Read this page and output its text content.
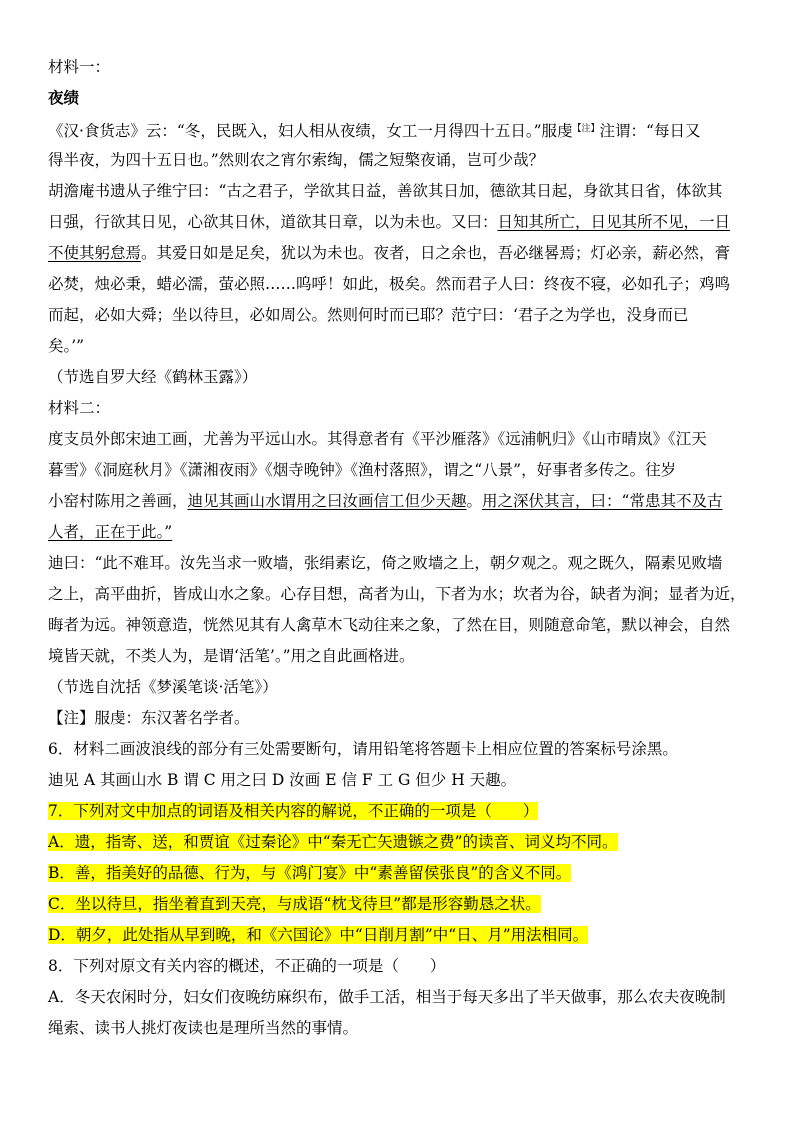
材料一：
夜绩
《汉·食货志》云：“冬，民既入，妇人相从夜绩，女工一月得四十五日。”服虔$^{【注】}$注谓：“每日又
得半夜，为四十五日也。”然则农之宵尔索绹，儒之短檠夜诵，岂可少哉？
胡澹庵书遗从子维宁曰：“古之君子，学欲其日益，善欲其日加，德欲其日起，身欲其日省，体欲其
日强，行欲其日见，心欲其日休，道欲其日章，以为未也。又曰：日知其所亡，日见其所不见，一日
不使其躬怠焉。其爱日如是足矣，犹以为未也。夜者，日之余也，吾必继晷焉；灯必亲，薪必然，膏
必焚，烛必秉，蜡必濡，萤必照……呜呼！如此，极矣。然而君子人曰：终夜不寝，必如孔子；鸡鸣
而起，必如大舜；坐以待旦，必如周公。然则何时而已耶？范宁曰：‘君子之为学也，没身而已
矣。’”
（节选自罗大经《鹤林玉露》）
材料二：
度支员外郎宋迪工画，尤善为平远山水。其得意者有《平沙雁落》《远浦帆归》《山市晴岚》《江天
暮雪》《洞庭秋月》《潇湘夜雨》《烟寺晚钟》《渔村落照》，谓之“八景”，好事者多传之。往岁
小窑村陈用之善画，迪见其画山水谓用之曰汝画信工但少天趣。用之深伏其言，曰：“常患其不及古
人者，正在于此。”
迪曰：“此不难耳。汝先当求一败墙，张绢素讫，倚之败墙之上，朝夕观之。观之既久，隔素见败墙
之上，高平曲折，皆成山水之象。心存目想，高者为山，下者为水；坎者为谷，缺者为涧；显者为近，
晦者为远。神领意造，恍然见其有人禽草木飞动往来之象，了然在目，则随意命笔，默以神会，自然
境皆天就，不类人为，是谓‘活笔’。”用之自此画格进。
（节选自沈括《梦溪笔谈·活笔》）
【注】服虔：东汉著名学者。
6．材料二画波浪线的部分有三处需要断句，请用铅笔将答题卡上相应位置的答案标号涂黑。
迪见 A 其画山水 B 谓 C 用之曰 D 汝画 E 信 F 工 G 但少 H 天趣。
7．下列对文中加点的词语及相关内容的解说，不正确的一项是（　　）
A．遗，指寄、送，和贾谊《过秦论》中“秦无亡矢遗镞之费”的读音、词义均不同。
B．善，指美好的品德、行为，与《鸿门宴》中“素善留侯张良”的含义不同。
C．坐以待旦，指坐着直到天亮，与成语“枕戈待旦”都是形容勤恳之状。
D．朝夕，此处指从早到晚，和《六国论》中“日削月割”中“日、月”用法相同。
8．下列对原文有关内容的概述，不正确的一项是（　　）
A．冬天农闲时分，妇女们夜晚纺麻织布，做手工活，相当于每天多出了半天做事，那么农夫夜晚制
绳索、读书人挑灯夜读也是理所当然的事情。
